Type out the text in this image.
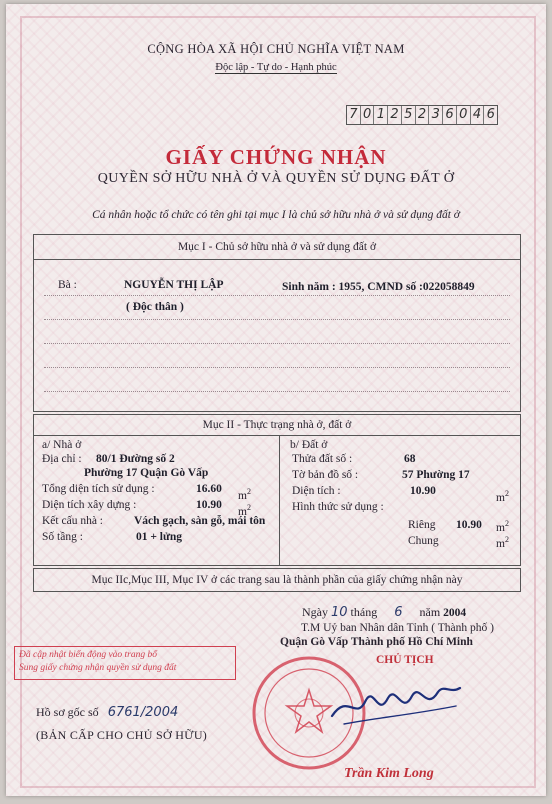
CỘNG HÒA XÃ HỘI CHỦ NGHĨA VIỆT NAM
Độc lập - Tự do - Hạnh phúc
7 0 1 2 5 2 3 6 0 4 6
GIẤY CHỨNG NHẬN
QUYỀN SỞ HỮU NHÀ Ở VÀ QUYỀN SỬ DỤNG ĐẤT Ở
Cá nhân hoặc tổ chức có tên ghi tại mục I là chủ sở hữu nhà ở và sử dụng đất ở
Mục I - Chủ sở hữu nhà ở và sử dụng đất ở
Bà :	NGUYỄN THỊ LẬP	Sinh năm : 1955, CMND số :022058849
( Độc thân )
Mục II - Thực trạng nhà ở, đất ở
a/ Nhà ở
Địa chỉ : 80/1 Đường số 2
Phường 17 Quận Gò Vấp
Tổng diện tích sử dụng :	16.60
$m^2$
Diện tích xây dựng :	10.90
$m^2$
Kết cấu nhà :	Vách gạch, sàn gỗ, mái tôn
Số tầng :	01 + lửng
b/ Đất ở
Thửa đất số :	68
Tờ bản đồ số :	57 Phường 17
Diện tích :	10.90
$m^2$
Hình thức sử dụng :
Riêng 10.90 $m^2$
Chung	$m^2$
Mục IIc,Mục III, Mục IV ở các trang sau là thành phần của giấy chứng nhận này
Ngày 10 tháng 6 năm 2004
T.M Uỷ ban Nhân dân Tỉnh ( Thành phố )
Quận Gò Vấp Thành phố Hồ Chí Minh
CHỦ TỊCH
Đã cập nhật biến động vào trang bổ
Sung giấy chứng nhận quyền sử dụng đất
Hồ sơ gốc số 6761/2004
(BẢN CẤP CHO CHỦ SỞ HỮU)
Trần Kim Long
